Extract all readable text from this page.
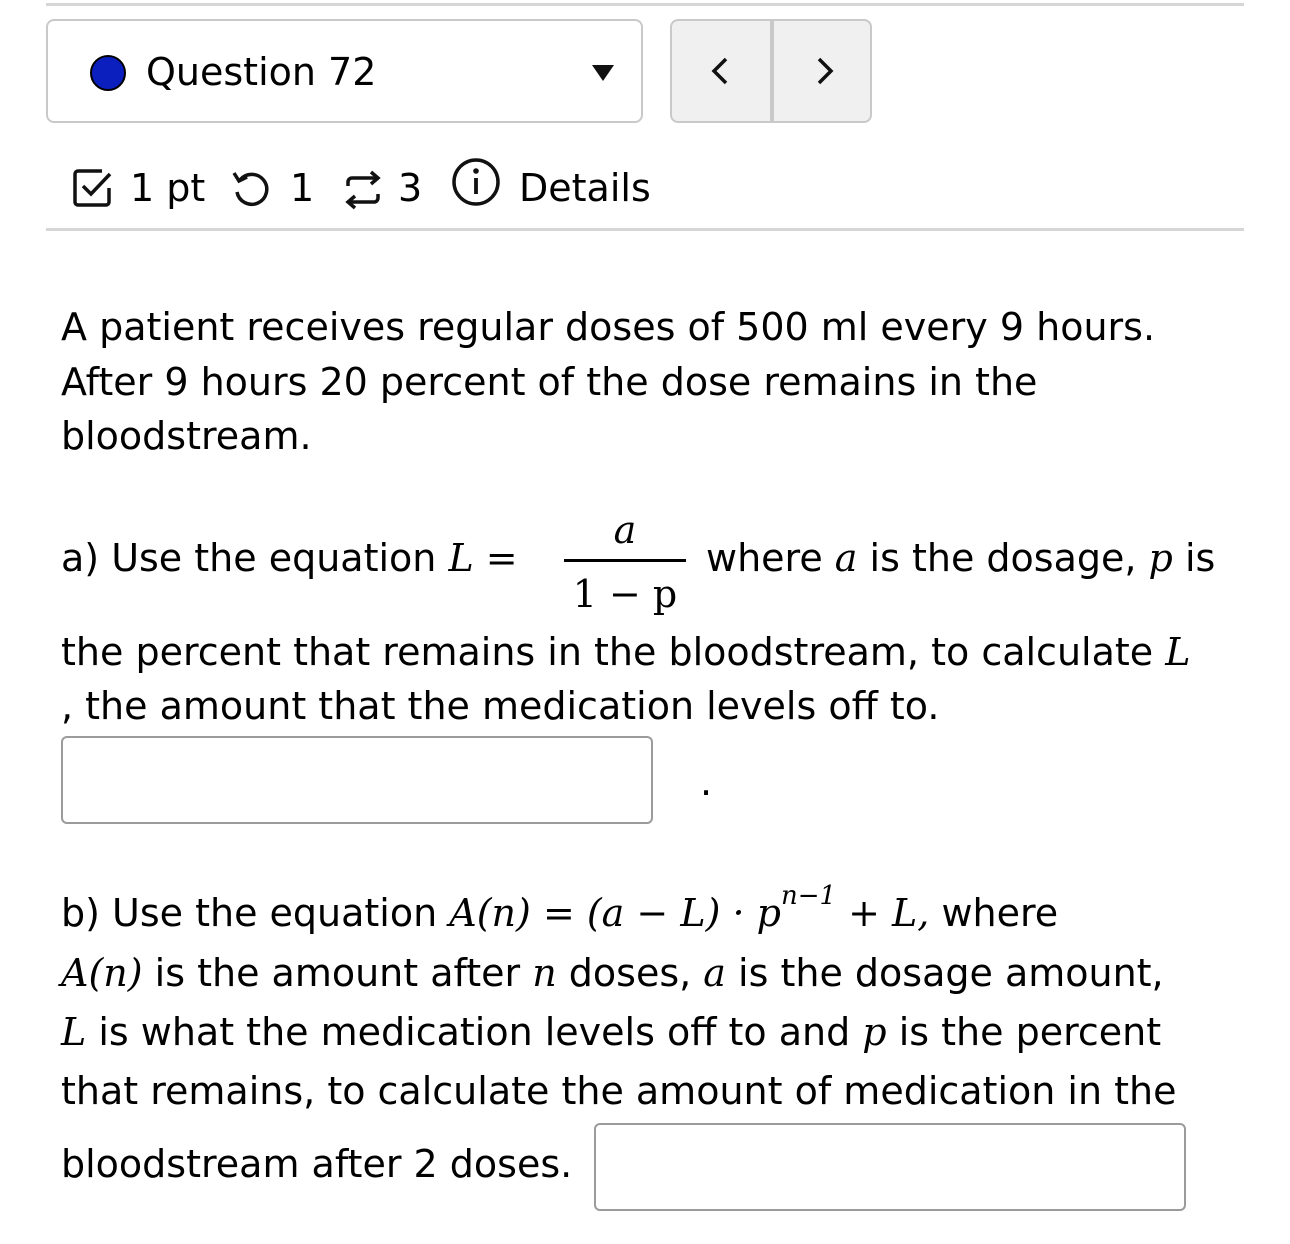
Question 72
1 pt 1 3	Details
A patient receives regular doses of 500 ml every 9 hours.
After 9 hours 20 percent of the dose remains in the
bloodstream.
a) Use the equation L =
a
1 − p
where a is the dosage, p is
the percent that remains in the bloodstream, to calculate L
, the amount that the medication levels off to.
.
b) Use the equation $A(n) = (a - L) \cdot p^{n-1} + L$, where
A(n) is the amount after n doses, a is the dosage amount,
L is what the medication levels off to and p is the percent
that remains, to calculate the amount of medication in the
bloodstream after 2 doses.
